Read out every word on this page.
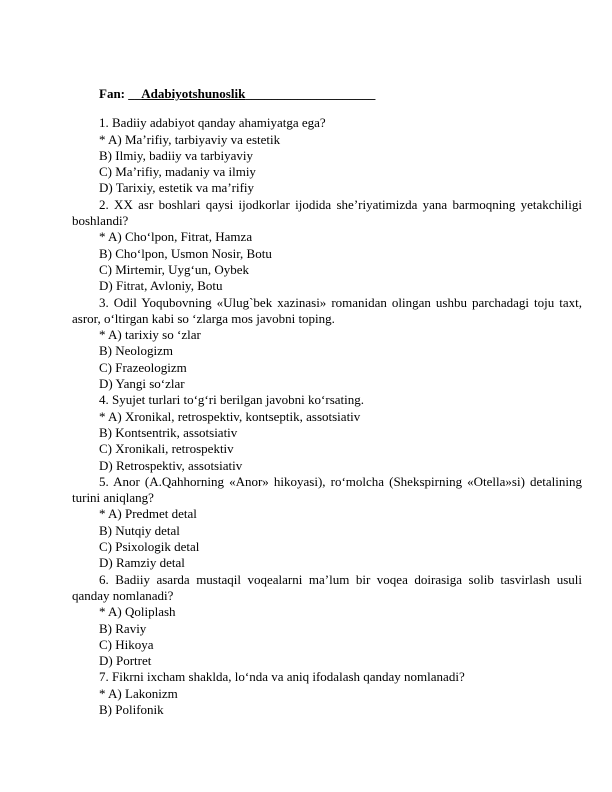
Fan: __Adabiyotshunoslik____________________

1. Badiiy adabiyot qanday ahamiyatga ega?

* A) Ma’rifiy, tarbiyaviy va estetik

B) Ilmiy, badiiy va tarbiyaviy

C) Ma’rifiy, madaniy va ilmiy

D) Tarixiy, estetik va ma’rifiy

2. XX asr boshlari qaysi ijodkorlar ijodida she’riyatimizda yana barmoqning yetakchiligi boshlandi?

* A) Cho‘lpon, Fitrat, Hamza

B) Cho‘lpon, Usmon Nosir, Botu

C) Mirtemir, Uyg‘un, Oybek

D) Fitrat, Avloniy, Botu

3. Odil Yoqubovning «Ulug`bek xazinasi» romanidan olingan ushbu parchadagi toju taxt, asror, o‘ltirgan kabi so ‘zlarga mos javobni toping.

* A) tarixiy so ‘zlar

B) Neologizm

C) Frazeologizm

D) Yangi so‘zlar

4. Syujet turlari to‘g‘ri berilgan javobni ko‘rsating.

* A) Xronikal, retrospektiv, kontseptik, assotsiativ

B) Kontsentrik, assotsiativ

C) Xronikali, retrospektiv

D) Retrospektiv, assotsiativ

5. Anor (A.Qahhorning «Anor» hikoyasi), ro‘molcha (Shekspirning «Otella»si) detalining turini aniqlang?

* A) Predmet detal

B) Nutqiy detal

C) Psixologik detal

D) Ramziy detal

6. Badiiy asarda mustaqil voqealarni ma’lum bir voqea doirasiga solib tasvirlash usuli qanday nomlanadi?

* A) Qoliplash

B) Raviy

C) Hikoya

D) Portret

7. Fikrni ixcham shaklda, lo‘nda va aniq ifodalash qanday nomlanadi?

* A) Lakonizm

B) Polifonik
